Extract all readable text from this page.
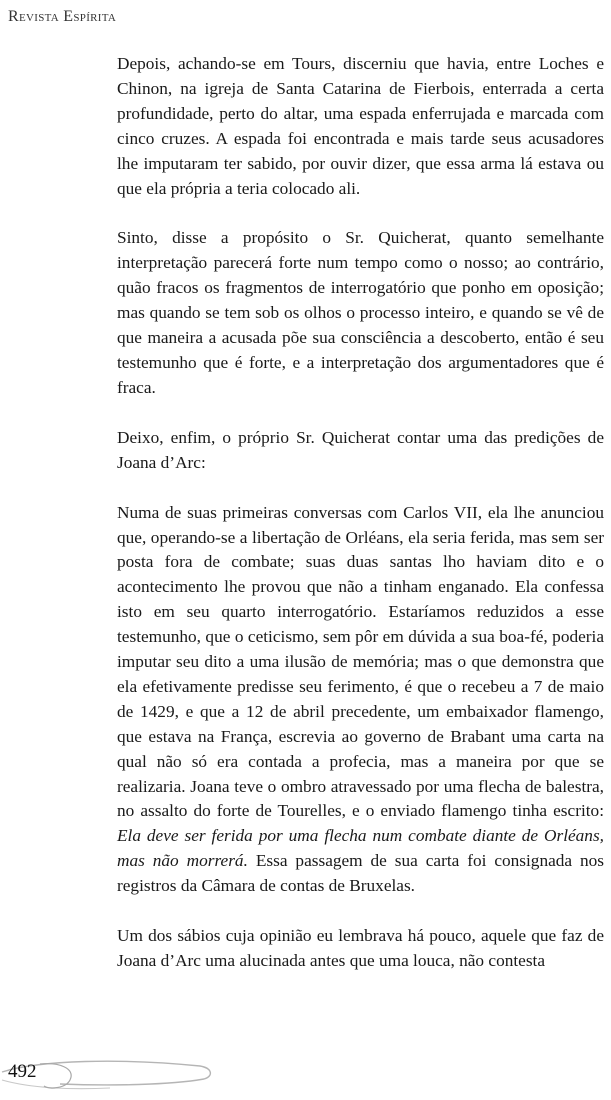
Revista Espírita

Depois, achando-se em Tours, discerniu que havia, entre Loches e Chinon, na igreja de Santa Catarina de Fierbois, enterrada a certa profundidade, perto do altar, uma espada enferrujada e marcada com cinco cruzes. A espada foi encontrada e mais tarde seus acusadores lhe imputaram ter sabido, por ouvir dizer, que essa arma lá estava ou que ela própria a teria colocado ali.

Sinto, disse a propósito o Sr. Quicherat, quanto semelhante interpretação parecerá forte num tempo como o nosso; ao contrário, quão fracos os fragmentos de interrogatório que ponho em oposição; mas quando se tem sob os olhos o processo inteiro, e quando se vê de que maneira a acusada põe sua consciência a descoberto, então é seu testemunho que é forte, e a interpretação dos argumentadores que é fraca.

Deixo, enfim, o próprio Sr. Quicherat contar uma das predições de Joana d’Arc:

Numa de suas primeiras conversas com Carlos VII, ela lhe anunciou que, operando-se a libertação de Orléans, ela seria ferida, mas sem ser posta fora de combate; suas duas santas lho haviam dito e o acontecimento lhe provou que não a tinham enganado. Ela confessa isto em seu quarto interrogatório. Estaríamos reduzidos a esse testemunho, que o ceticismo, sem pôr em dúvida a sua boa-fé, poderia imputar seu dito a uma ilusão de memória; mas o que demonstra que ela efetivamente predisse seu ferimento, é que o recebeu a 7 de maio de 1429, e que a 12 de abril precedente, um embaixador flamengo, que estava na França, escrevia ao governo de Brabant uma carta na qual não só era contada a profecia, mas a maneira por que se realizaria. Joana teve o ombro atravessado por uma flecha de balestra, no assalto do forte de Tourelles, e o enviado flamengo tinha escrito: Ela deve ser ferida por uma flecha num combate diante de Orléans, mas não morrerá. Essa passagem de sua carta foi consignada nos registros da Câmara de contas de Bruxelas.

Um dos sábios cuja opinião eu lembrava há pouco, aquele que faz de Joana d’Arc uma alucinada antes que uma louca, não contesta

492
